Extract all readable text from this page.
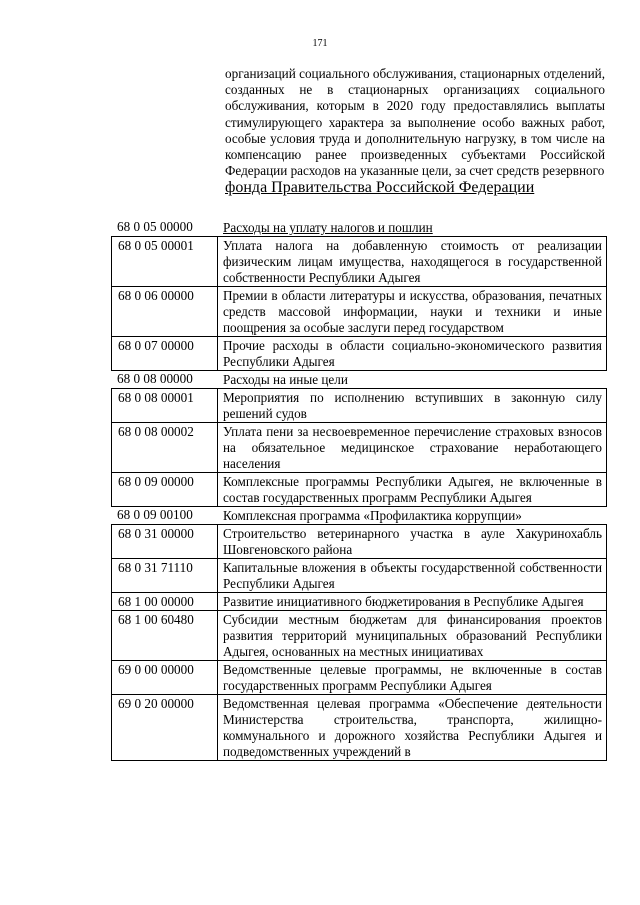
171

организаций социального обслуживания, стационарных отделений, созданных не в стационарных организациях социального обслуживания, которым в 2020 году предоставлялись выплаты стимулирующего характера за выполнение особо важных работ, особые условия труда и дополнительную нагрузку, в том числе на компенсацию ранее произведенных субъектами Российской Федерации расходов на указанные цели, за счет средств резервного

фонда Правительства Российской Федерации
68 0 05 00000	Расходы на уплату налогов и пошлин
68 0 05 00001	Уплата налога на добавленную стоимость от реализации физическим лицам имущества, находящегося в государственной собственности Республики Адыгея
68 0 06 00000	Премии в области литературы и искусства, образования, печатных средств массовой информации, науки и техники и иные поощрения за особые заслуги перед государством
68 0 07 00000	Прочие расходы в области социально-экономического развития Республики Адыгея
68 0 08 00000	Расходы на иные цели
68 0 08 00001	Мероприятия по исполнению вступивших в законную силу решений судов
68 0 08 00002	Уплата пени за несвоевременное перечисление страховых взносов на обязательное медицинское страхование неработающего населения
68 0 09 00000	Комплексные программы Республики Адыгея, не включенные в состав государственных программ Республики Адыгея
68 0 09 00100	Комплексная программа «Профилактика коррупции»
68 0 31 00000	Строительство ветеринарного участка в ауле Хакуринохабль Шовгеновского района
68 0 31 71110	Капитальные вложения в объекты государственной собственности Республики Адыгея
68 1 00 00000	Развитие инициативного бюджетирования в Республике Адыгея
68 1 00 60480	Субсидии местным бюджетам для финансирования проектов развития территорий муниципальных образований Республики Адыгея, основанных на местных инициативах
69 0 00 00000	Ведомственные целевые программы, не включенные в состав государственных программ Республики Адыгея
69 0 20 00000	Ведомственная целевая программа «Обеспечение деятельности Министерства строительства, транспорта, жилищно-коммунального и дорожного хозяйства Республики Адыгея и подведомственных учреждений в
